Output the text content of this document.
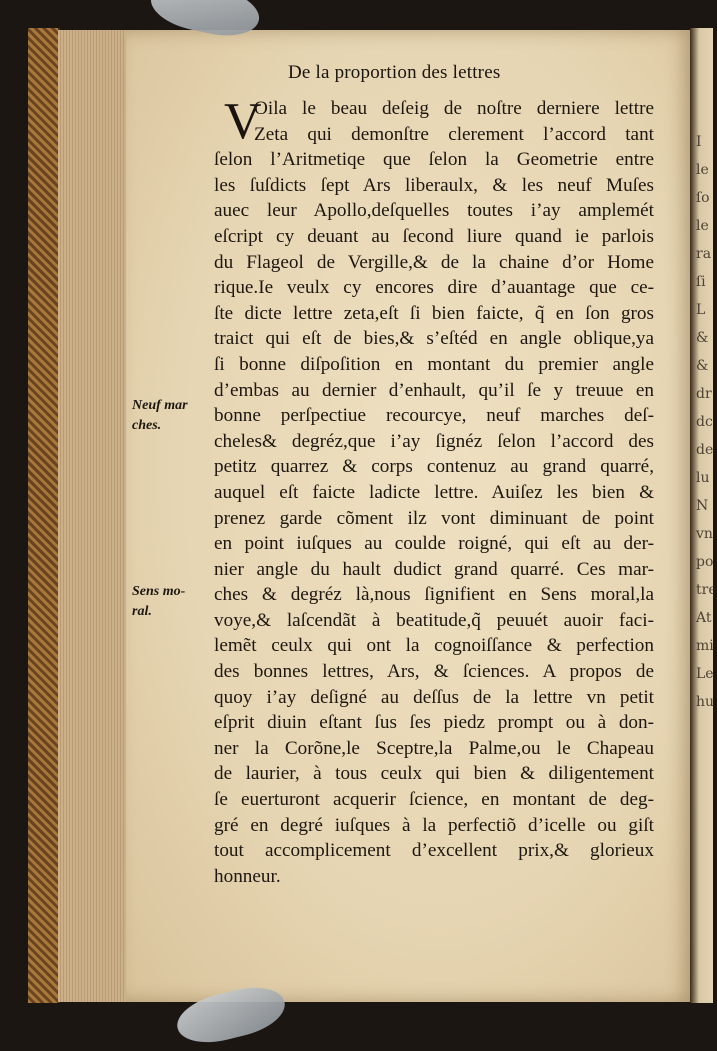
I
le
ſo
le
ra
ſi
L
&
&
dr
dc
de
lu
N
vn
po
tre
At
mi
Le
hu
De la proportion des lettres
V
Oila le beau deſeig de noſtre derniere lettre
Zeta qui demonſtre clerement l’accord tant
ſelon l’Aritmetiqe que ſelon la Geometrie entre
les ſuſdicts ſept Ars liberaulx, & les neuf Muſes
auec leur Apollo,deſquelles toutes i’ay amplemét
eſcript cy deuant au ſecond liure quand ie parlois
du Flageol de Vergille,& de la chaine d’or Home
rique.Ie veulx cy encores dire d’auantage que ce-
ſte dicte lettre zeta,eſt ſi bien faicte, q̃ en ſon gros
traict qui eſt de bies,& s’eſtéd en angle oblique,ya
ſi bonne diſpoſition en montant du premier angle
d’embas au dernier d’enhault, qu’il ſe y treuue en
bonne perſpectiue recourcye, neuf marches deſ-
cheles& degréz,que i’ay ſignéz ſelon l’accord des
petitz quarrez & corps contenuz au grand quarré,
auquel eſt faicte ladicte lettre. Auiſez les bien &
prenez garde cõment ilz vont diminuant de point
en point iuſques au coulde roigné, qui eſt au der-
nier angle du hault dudict grand quarré. Ces mar-
ches & degréz là,nous ſignifient en Sens moral,la
voye,& laſcendãt à beatitude,q̃ peuuét auoir faci-
lemẽt ceulx qui ont la cognoiſſance & perfection
des bonnes lettres, Ars, & ſciences. A propos de
quoy i’ay deſigné au deſſus de la lettre vn petit
eſprit diuin eſtant ſus ſes piedz prompt ou à don-
ner la Corõne,le Sceptre,la Palme,ou le Chapeau
de laurier, à tous ceulx qui bien & diligentement
ſe euerturont acquerir ſcience, en montant de deg-
gré en degré iuſques à la perfectiõ d’icelle ou giſt
tout accomplicement d’excellent prix,& glorieux
honneur.
Neuf mar
ches.
Sens mo-
ral.
